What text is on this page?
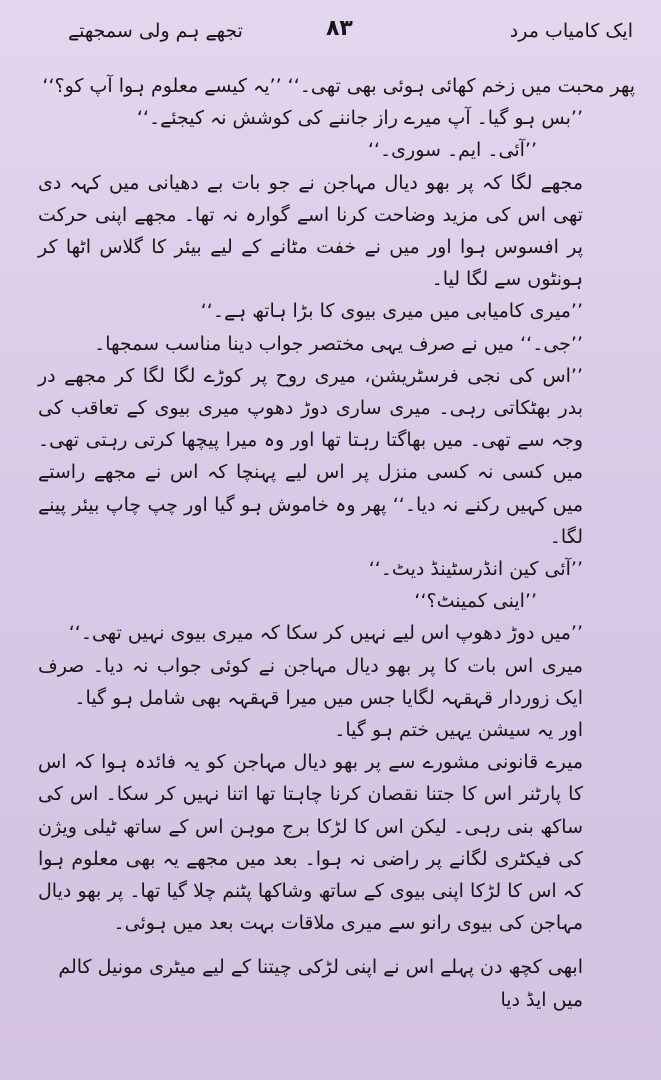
ایک کامیاب مرد
۸۳
تجھے ہم ولی سمجھتے

پھر محبت میں زخم کھائی ہوئی بھی تھی۔‘‘ ’’یہ کیسے معلوم ہوا آپ کو؟‘‘

’’بس ہو گیا۔ آپ میرے راز جاننے کی کوشش نہ کیجئے۔‘‘

’’آئی۔ ایم۔ سوری۔‘‘

مجھے لگا کہ پر بھو دیال مہاجن نے جو بات بے دھیانی میں کہہ دی تھی اس کی مزید وضاحت کرنا اسے گوارہ نہ تھا۔ مجھے اپنی حرکت پر افسوس ہوا اور میں نے خفت مٹانے کے لیے بیئر کا گلاس اٹھا کر ہونٹوں سے لگا لیا۔

’’میری کامیابی میں میری بیوی کا بڑا ہاتھ ہے۔‘‘

’’جی۔‘‘ میں نے صرف یہی مختصر جواب دینا مناسب سمجھا۔

’’اس کی نجی فرسٹریشن، میری روح پر کوڑے لگا لگا کر مجھے در بدر بھٹکاتی رہی۔ میری ساری دوڑ دھوپ میری بیوی کے تعاقب کی وجہ سے تھی۔ میں بھاگتا رہتا تھا اور وہ میرا پیچھا کرتی رہتی تھی۔ میں کسی نہ کسی منزل پر اس لیے پہنچا کہ اس نے مجھے راستے میں کہیں رکنے نہ دیا۔‘‘ پھر وہ خاموش ہو گیا اور چپ چاپ بیئر پینے لگا۔

’’آئی کین انڈرسٹینڈ دیٹ۔‘‘

’’اینی کمینٹ؟‘‘

’’میں دوڑ دھوپ اس لیے نہیں کر سکا کہ میری بیوی نہیں تھی۔‘‘

میری اس بات کا پر بھو دیال مہاجن نے کوئی جواب نہ دیا۔ صرف ایک زوردار قہقہہ لگایا جس میں میرا قہقہہ بھی شامل ہو گیا۔

اور یہ سیشن یہیں ختم ہو گیا۔

میرے قانونی مشورے سے پر بھو دیال مہاجن کو یہ فائدہ ہوا کہ اس کا پارٹنر اس کا جتنا نقصان کرنا چاہتا تھا اتنا نہیں کر سکا۔ اس کی ساکھ بنی رہی۔ لیکن اس کا لڑکا برج موہن اس کے ساتھ ٹیلی ویژن کی فیکٹری لگانے پر راضی نہ ہوا۔ بعد میں مجھے یہ بھی معلوم ہوا کہ اس کا لڑکا اپنی بیوی کے ساتھ وشاکھا پٹنم چلا گیا تھا۔ پر بھو دیال مہاجن کی بیوی رانو سے میری ملاقات بہت بعد میں ہوئی۔

ابھی کچھ دن پہلے اس نے اپنی لڑکی چیتنا کے لیے میٹری مونیل کالم میں ایڈ دیا
